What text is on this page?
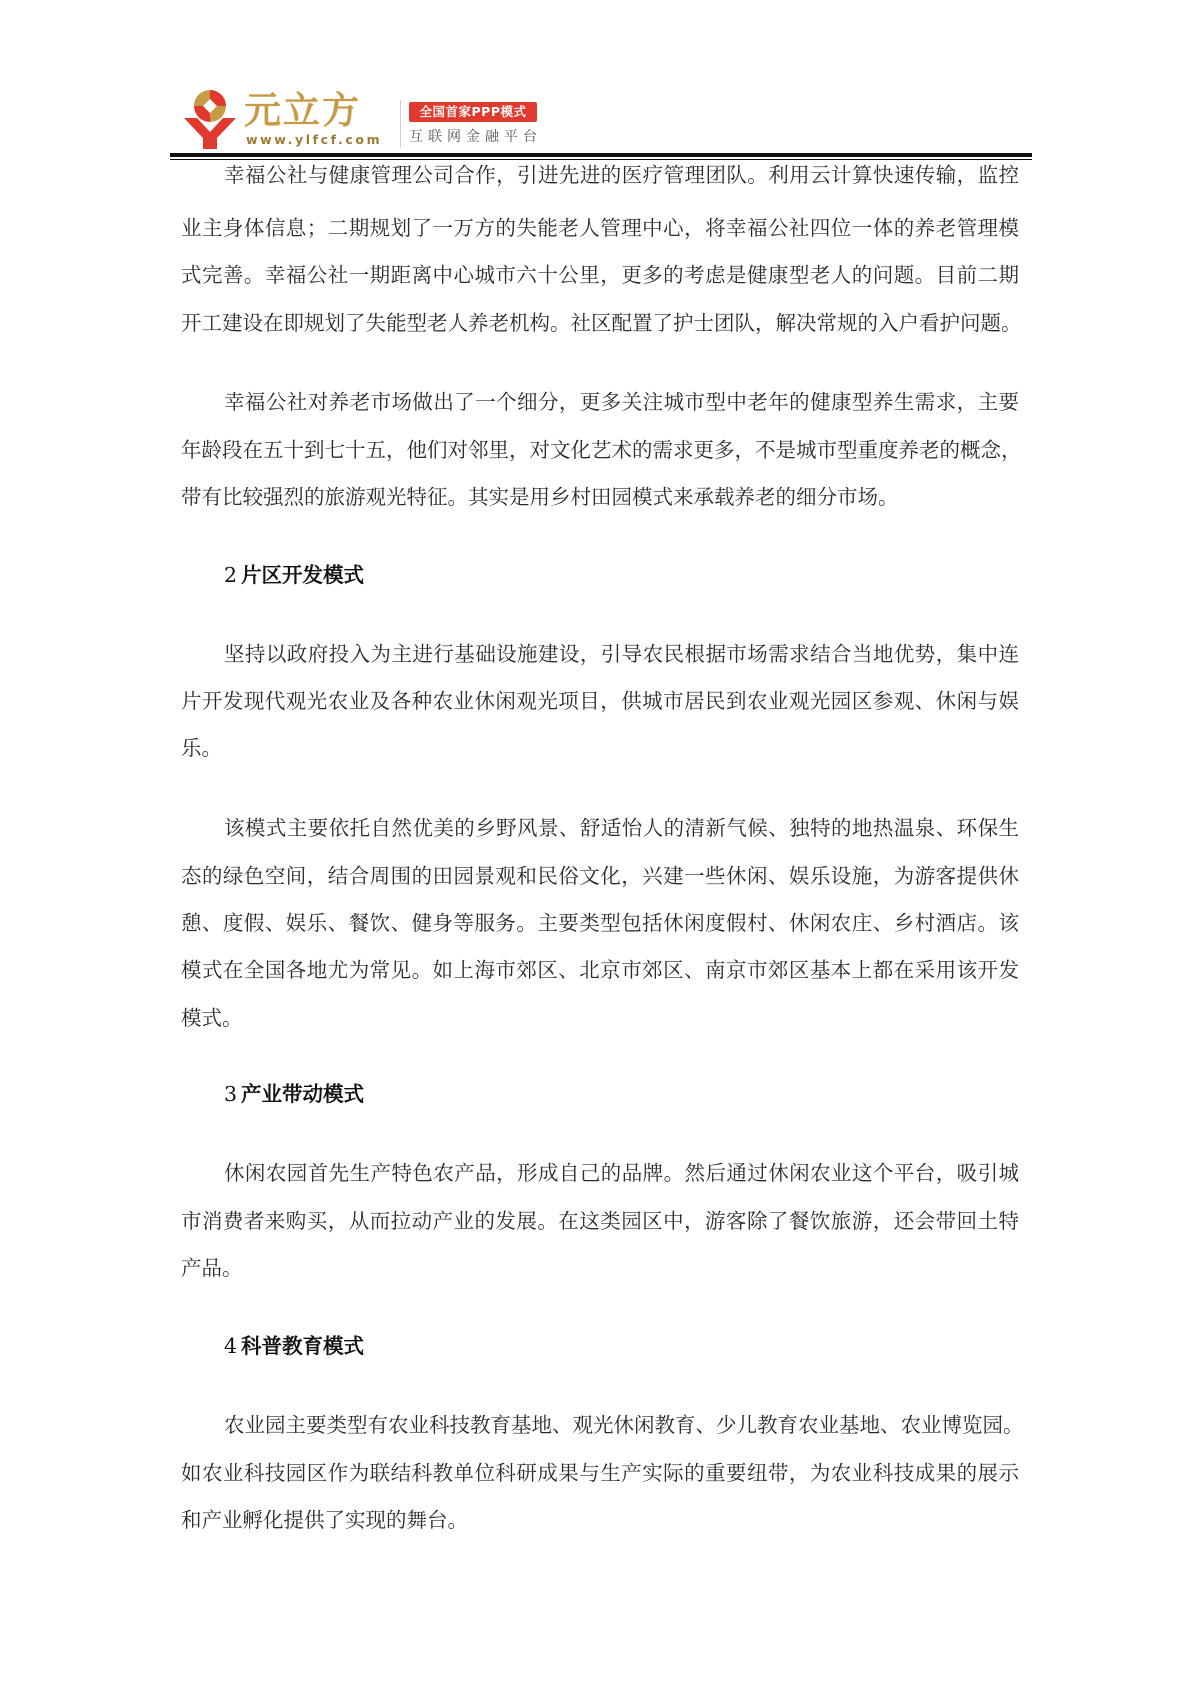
元立方
www.ylfcf.com
全国首家PPP模式
互联网金融平台
幸福公社与健康管理公司合作，引进先进的医疗管理团队。利用云计算快速传输，监控
业主身体信息；二期规划了一万方的失能老人管理中心，将幸福公社四位一体的养老管理模
式完善。幸福公社一期距离中心城市六十公里，更多的考虑是健康型老人的问题。目前二期
开工建设在即规划了失能型老人养老机构。社区配置了护士团队，解决常规的入户看护问题。
幸福公社对养老市场做出了一个细分，更多关注城市型中老年的健康型养生需求，主要
年龄段在五十到七十五，他们对邻里，对文化艺术的需求更多，不是城市型重度养老的概念，
带有比较强烈的旅游观光特征。其实是用乡村田园模式来承载养老的细分市场。
2 片区开发模式
坚持以政府投入为主进行基础设施建设，引导农民根据市场需求结合当地优势，集中连
片开发现代观光农业及各种农业休闲观光项目，供城市居民到农业观光园区参观、休闲与娱
乐。
该模式主要依托自然优美的乡野风景、舒适怡人的清新气候、独特的地热温泉、环保生
态的绿色空间，结合周围的田园景观和民俗文化，兴建一些休闲、娱乐设施，为游客提供休
憩、度假、娱乐、餐饮、健身等服务。主要类型包括休闲度假村、休闲农庄、乡村酒店。该
模式在全国各地尤为常见。如上海市郊区、北京市郊区、南京市郊区基本上都在采用该开发
模式。
3 产业带动模式
休闲农园首先生产特色农产品，形成自己的品牌。然后通过休闲农业这个平台，吸引城
市消费者来购买，从而拉动产业的发展。在这类园区中，游客除了餐饮旅游，还会带回土特
产品。
4 科普教育模式
农业园主要类型有农业科技教育基地、观光休闲教育、少儿教育农业基地、农业博览园。
如农业科技园区作为联结科教单位科研成果与生产实际的重要纽带，为农业科技成果的展示
和产业孵化提供了实现的舞台。
